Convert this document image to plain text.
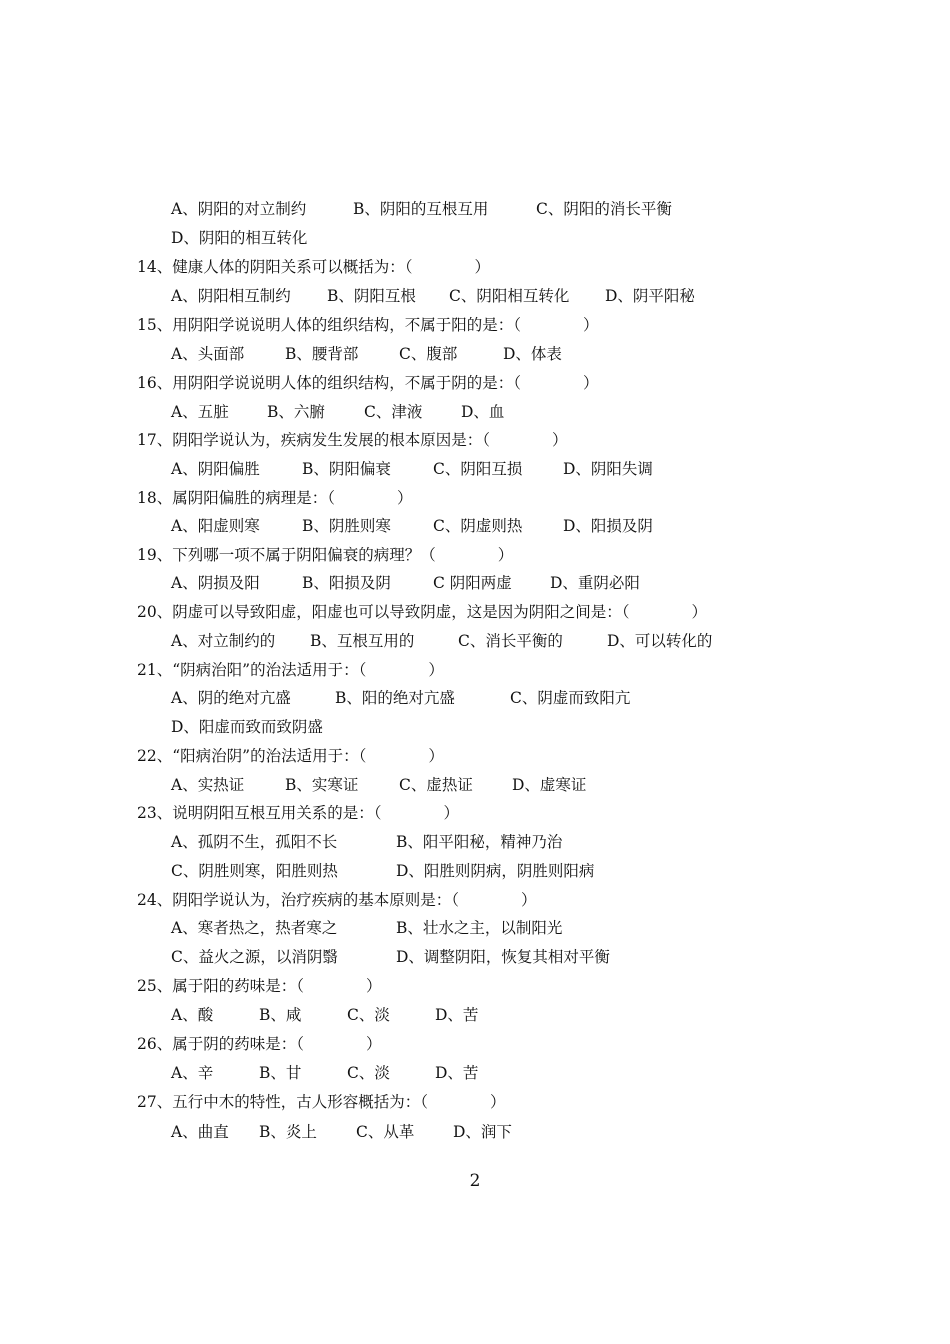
A、阴阳的对立制约	B、阴阳的互根互用	C、阴阳的消长平衡
D、阴阳的相互转化
14、健康人体的阴阳关系可以概括为：（　　　　）
A、阴阳相互制约 B、阴阳互根 C、阴阳相互转化 D、阴平阳秘
15、用阴阳学说说明人体的组织结构，不属于阳的是：（　　　　）
A、头面部	B、腰背部	C、腹部	D、体表
16、用阴阳学说说明人体的组织结构，不属于阴的是：（　　　　）
A、五脏 B、六腑	C、津液 D、血
17、阴阳学说认为，疾病发生发展的根本原因是：（　　　　）
A、阴阳偏胜	B、阴阳偏衰	C、阴阳互损	D、阴阳失调
18、属阴阳偏胜的病理是：（　　　　）
A、阳虚则寒	B、阴胜则寒	C、阴虚则热	D、阳损及阴
19、下列哪一项不属于阴阳偏衰的病理？（　　　　）
A、阴损及阳	B、阳损及阴	C 阴阳两虚 D、重阴必阳
20、阴虚可以导致阳虚，阳虚也可以导致阴虚，这是因为阴阳之间是：（　　　　）
A、对立制约的 B、互根互用的	C、消长平衡的	D、可以转化的
21、“阴病治阳”的治法适用于：（　　　　）
A、阴的绝对亢盛	B、阳的绝对亢盛	C、阴虚而致阳亢
D、阳虚而致而致阴盛
22、“阳病治阴”的治法适用于：（　　　　）
A、实热证	B、实寒证	C、虚热证	D、虚寒证
23、说明阴阳互根互用关系的是：（　　　　）
A、孤阴不生，孤阳不长	B、阳平阳秘，精神乃治
C、阴胜则寒，阳胜则热	D、阳胜则阴病，阴胜则阳病
24、阴阳学说认为，治疗疾病的基本原则是：（　　　　）
A、寒者热之，热者寒之	B、壮水之主，以制阳光
C、益火之源，以消阴翳	D、调整阴阳，恢复其相对平衡
25、属于阳的药味是：（　　　　）
A、酸	B、咸	C、淡	D、苦
26、属于阴的药味是：（　　　　）
A、辛	B、甘	C、淡	D、苦
27、五行中木的特性，古人形容概括为：（　　　　）
A、曲直 B、炎上	C、从革 D、润下
2
